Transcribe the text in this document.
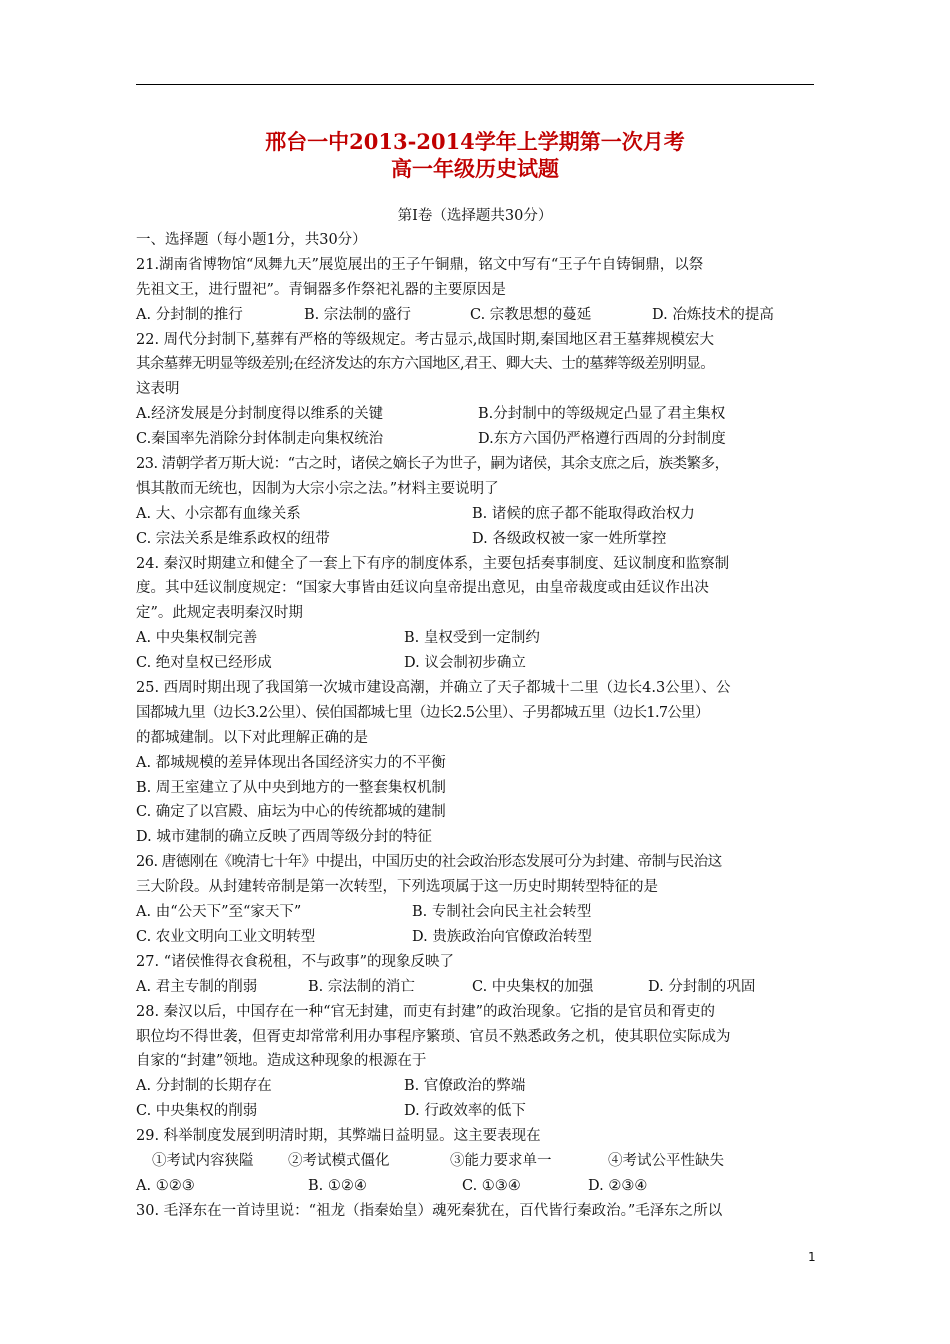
邢台一中2013-2014学年上学期第一次月考
高一年级历史试题
第Ⅰ卷（选择题共30分）
一、选择题（每小题1分，共30分）
21.湖南省博物馆“凤舞九天”展览展出的王子午铜鼎，铭文中写有“王子午自铸铜鼎，以祭
先祖文王，进行盟祀”。青铜器多作祭祀礼器的主要原因是
A. 分封制的推行	B. 宗法制的盛行	C. 宗教思想的蔓延	D. 冶炼技术的提高
22. 周代分封制下,墓葬有严格的等级规定。考古显示,战国时期,秦国地区君王墓葬规模宏大
其余墓葬无明显等级差别;在经济发达的东方六国地区,君王、卿大夫、士的墓葬等级差别明显。
这表明
A.经济发展是分封制度得以维系的关键	B.分封制中的等级规定凸显了君主集权
C.秦国率先消除分封体制走向集权统治	D.东方六国仍严格遵行西周的分封制度
23. 清朝学者万斯大说：“古之时，诸侯之嫡长子为世子，嗣为诸侯，其余支庶之后，族类繁多，
惧其散而无统也，因制为大宗小宗之法。”材料主要说明了
A. 大、小宗都有血缘关系	B. 诸候的庶子都不能取得政治权力
C. 宗法关系是维系政权的纽带	D. 各级政权被一家一姓所掌控
24. 秦汉时期建立和健全了一套上下有序的制度体系，主要包括奏事制度、廷议制度和监察制
度。其中廷议制度规定：“国家大事皆由廷议向皇帝提出意见，由皇帝裁度或由廷议作出决
定”。此规定表明秦汉时期
A. 中央集权制完善	B. 皇权受到一定制约
C. 绝对皇权已经形成	D. 议会制初步确立
25. 西周时期出现了我国第一次城市建设高潮，并确立了天子都城十二里（边长4.3公里）、公
国都城九里（边长3.2公里）、侯伯国都城七里（边长2.5公里）、子男都城五里（边长1.7公里）
的都城建制。以下对此理解正确的是
A. 都城规模的差异体现出各国经济实力的不平衡
B. 周王室建立了从中央到地方的一整套集权机制
C. 确定了以宫殿、庙坛为中心的传统都城的建制
D. 城市建制的确立反映了西周等级分封的特征
26. 唐德刚在《晚清七十年》中提出，中国历史的社会政治形态发展可分为封建、帝制与民治这
三大阶段。从封建转帝制是第一次转型，下列选项属于这一历史时期转型特征的是
A. 由“公天下”至“家天下”	B. 专制社会向民主社会转型
C. 农业文明向工业文明转型	D. 贵族政治向官僚政治转型
27. “诸侯惟得衣食税租，不与政事”的现象反映了
A. 君主专制的削弱	B. 宗法制的消亡	C. 中央集权的加强	D. 分封制的巩固
28. 秦汉以后，中国存在一种“官无封建，而吏有封建”的政治现象。它指的是官员和胥吏的
职位均不得世袭，但胥吏却常常利用办事程序繁琐、官员不熟悉政务之机，使其职位实际成为
自家的“封建”领地。造成这种现象的根源在于
A. 分封制的长期存在	B. 官僚政治的弊端
C. 中央集权的削弱	D. 行政效率的低下
29. 科举制度发展到明清时期，其弊端日益明显。这主要表现在
①考试内容狭隘	②考试模式僵化	③能力要求单一	④考试公平性缺失
A. ①②③	B. ①②④	C. ①③④	D. ②③④
30. 毛泽东在一首诗里说：“祖龙（指秦始皇）魂死秦犹在，百代皆行秦政治。”毛泽东之所以
1
